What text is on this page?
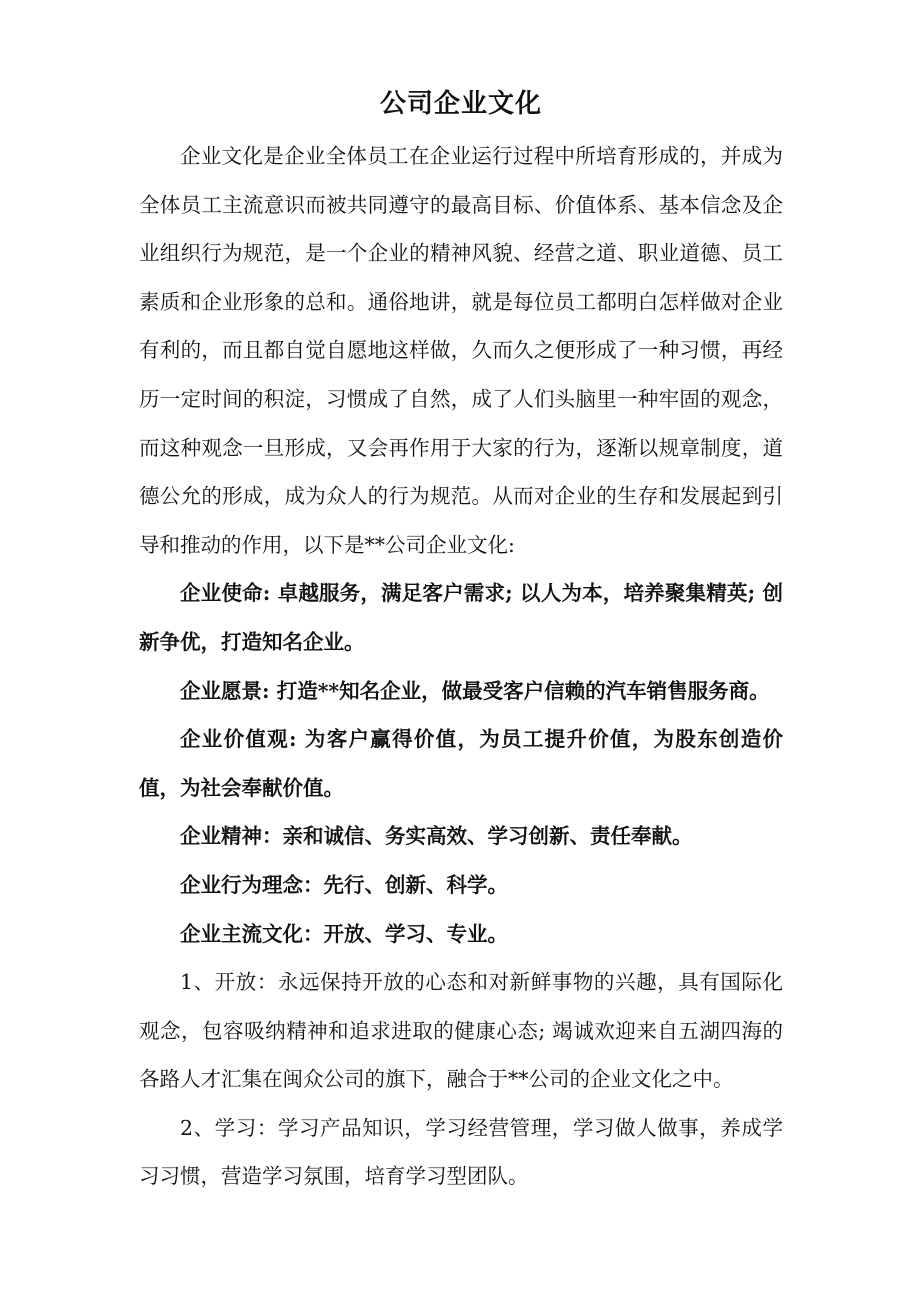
公司企业文化

企业文化是企业全体员工在企业运行过程中所培育形成的，并成为全体员工主流意识而被共同遵守的最高目标、价值体系、基本信念及企业组织行为规范，是一个企业的精神风貌、经营之道、职业道德、员工素质和企业形象的总和。通俗地讲，就是每位员工都明白怎样做对企业有利的，而且都自觉自愿地这样做，久而久之便形成了一种习惯，再经历一定时间的积淀，习惯成了自然，成了人们头脑里一种牢固的观念，而这种观念一旦形成，又会再作用于大家的行为，逐渐以规章制度，道德公允的形成，成为众人的行为规范。从而对企业的生存和发展起到引导和推动的作用，以下是**公司企业文化:

企业使命: 卓越服务，满足客户需求; 以人为本，培养聚集精英; 创新争优，打造知名企业。

企业愿景: 打造**知名企业，做最受客户信赖的汽车销售服务商。

企业价值观: 为客户赢得价值，为员工提升价值，为股东创造价值，为社会奉献价值。

企业精神：亲和诚信、务实高效、学习创新、责任奉献。

企业行为理念：先行、创新、科学。

企业主流文化：开放、学习、专业。

1、开放：永远保持开放的心态和对新鲜事物的兴趣，具有国际化观念，包容吸纳精神和追求进取的健康心态; 竭诚欢迎来自五湖四海的各路人才汇集在闽众公司的旗下，融合于**公司的企业文化之中。

2、学习：学习产品知识，学习经营管理，学习做人做事，养成学习习惯，营造学习氛围，培育学习型团队。
